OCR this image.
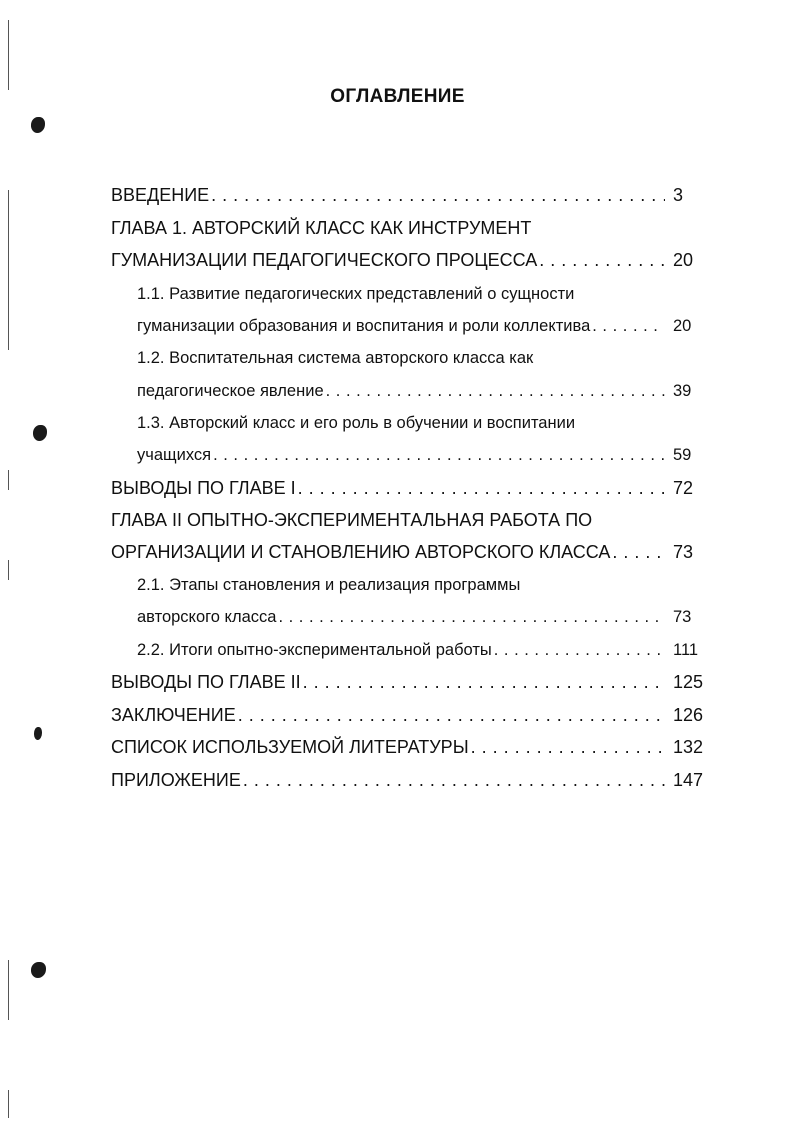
ОГЛАВЛЕНИЕ
ВВЕДЕНИЕ . . .	3
ГЛАВА 1. АВТОРСКИЙ КЛАСС КАК ИНСТРУМЕНТ
ГУМАНИЗАЦИИ ПЕДАГОГИЧЕСКОГО ПРОЦЕССА . . .	20
1.1. Развитие педагогических представлений о сущности
гуманизации образования и воспитания и роли коллектива . . .	20
1.2. Воспитательная система авторского класса как
педагогическое явление . . .	39
1.3. Авторский класс и его роль в обучении и воспитании
учащихся . . .	59
ВЫВОДЫ ПО ГЛАВЕ I . . .	72
ГЛАВА II ОПЫТНО-ЭКСПЕРИМЕНТАЛЬНАЯ РАБОТА ПО
ОРГАНИЗАЦИИ И СТАНОВЛЕНИЮ АВТОРСКОГО КЛАССА . . .	73
2.1. Этапы становления и реализация программы
авторского класса . . .	73
2.2. Итоги опытно-экспериментальной работы . . .	111
ВЫВОДЫ ПО ГЛАВЕ II . . .	125
ЗАКЛЮЧЕНИЕ . . .	126
СПИСОК ИСПОЛЬЗУЕМОЙ ЛИТЕРАТУРЫ . . .	132
ПРИЛОЖЕНИЕ . . .	147
